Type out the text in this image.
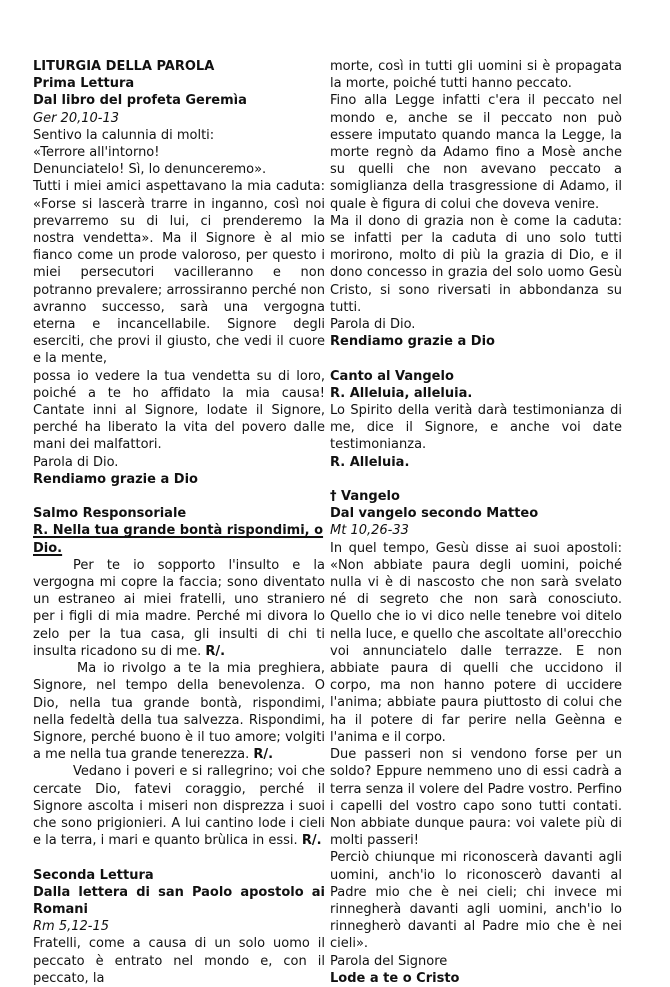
LITURGIA DELLA PAROLA

Prima Lettura

Dal libro del profeta Geremìa

Ger 20,10-13

Sentivo la calunnia di molti:
«Terrore all'intorno!
Denunciatelo! Sì, lo denunceremo».
Tutti i miei amici aspettavano la mia caduta: «Forse si lascerà trarre in inganno, così noi prevarremo su di lui, ci prenderemo la nostra vendetta». Ma il Signore è al mio fianco come un prode valoroso, per questo i miei persecutori vacilleranno e non potranno prevalere; arrossiranno perché non avranno successo, sarà una vergogna eterna e incancellabile. Signore degli eserciti, che provi il giusto, che vedi il cuore e la mente,
possa io vedere la tua vendetta su di loro, poiché a te ho affidato la mia causa! Cantate inni al Signore, lodate il Signore, perché ha liberato la vita del povero dalle mani dei malfattori.

Parola di Dio.

Rendiamo grazie a Dio

Salmo Responsoriale

R. Nella tua grande bontà rispondimi, o Dio.

Per te io sopporto l'insulto e la vergogna mi copre la faccia; sono diventato un estraneo ai miei fratelli, uno straniero per i figli di mia madre. Perché mi divora lo zelo per la tua casa, gli insulti di chi ti insulta ricadono su di me. R/.

Ma io rivolgo a te la mia preghiera, Signore, nel tempo della benevolenza. O Dio, nella tua grande bontà, rispondimi, nella fedeltà della tua salvezza. Rispondimi, Signore, perché buono è il tuo amore; volgiti a me nella tua grande tenerezza. R/.

Vedano i poveri e si rallegrino; voi che cercate Dio, fatevi coraggio, perché il Signore ascolta i miseri non disprezza i suoi che sono prigionieri. A lui cantino lode i cieli e la terra, i mari e quanto brùlica in essi. R/.

Seconda Lettura

Dalla lettera di san Paolo apostolo ai Romani

Rm 5,12-15

Fratelli, come a causa di un solo uomo il peccato è entrato nel mondo e, con il peccato, la

morte, così in tutti gli uomini si è propagata la morte, poiché tutti hanno peccato.
Fino alla Legge infatti c'era il peccato nel mondo e, anche se il peccato non può essere imputato quando manca la Legge, la morte regnò da Adamo fino a Mosè anche su quelli che non avevano peccato a somiglianza della trasgressione di Adamo, il quale è figura di colui che doveva venire.
Ma il dono di grazia non è come la caduta: se infatti per la caduta di uno solo tutti morirono, molto di più la grazia di Dio, e il dono concesso in grazia del solo uomo Gesù Cristo, si sono riversati in abbondanza su tutti.

Parola di Dio.

Rendiamo grazie a Dio

Canto al Vangelo

R. Alleluia, alleluia.

Lo Spirito della verità darà testimonianza di me, dice il Signore, e anche voi date testimonianza.

R. Alleluia.

† Vangelo

Dal vangelo secondo Matteo

Mt 10,26-33

In quel tempo, Gesù disse ai suoi apostoli: «Non abbiate paura degli uomini, poiché nulla vi è di nascosto che non sarà svelato né di segreto che non sarà conosciuto. Quello che io vi dico nelle tenebre voi ditelo nella luce, e quello che ascoltate all'orecchio voi annunciatelo dalle terrazze. E non abbiate paura di quelli che uccidono il corpo, ma non hanno potere di uccidere l'anima; abbiate paura piuttosto di colui che ha il potere di far perire nella Geènna e l'anima e il corpo.

Due passeri non si vendono forse per un soldo? Eppure nemmeno uno di essi cadrà a terra senza il volere del Padre vostro. Perfino i capelli del vostro capo sono tutti contati. Non abbiate dunque paura: voi valete più di molti passeri!

Perciò chiunque mi riconoscerà davanti agli uomini, anch'io lo riconoscerò davanti al Padre mio che è nei cieli; chi invece mi rinnegherà davanti agli uomini, anch'io lo rinnegherò davanti al Padre mio che è nei cieli».

Parola del Signore

Lode a te o Cristo
